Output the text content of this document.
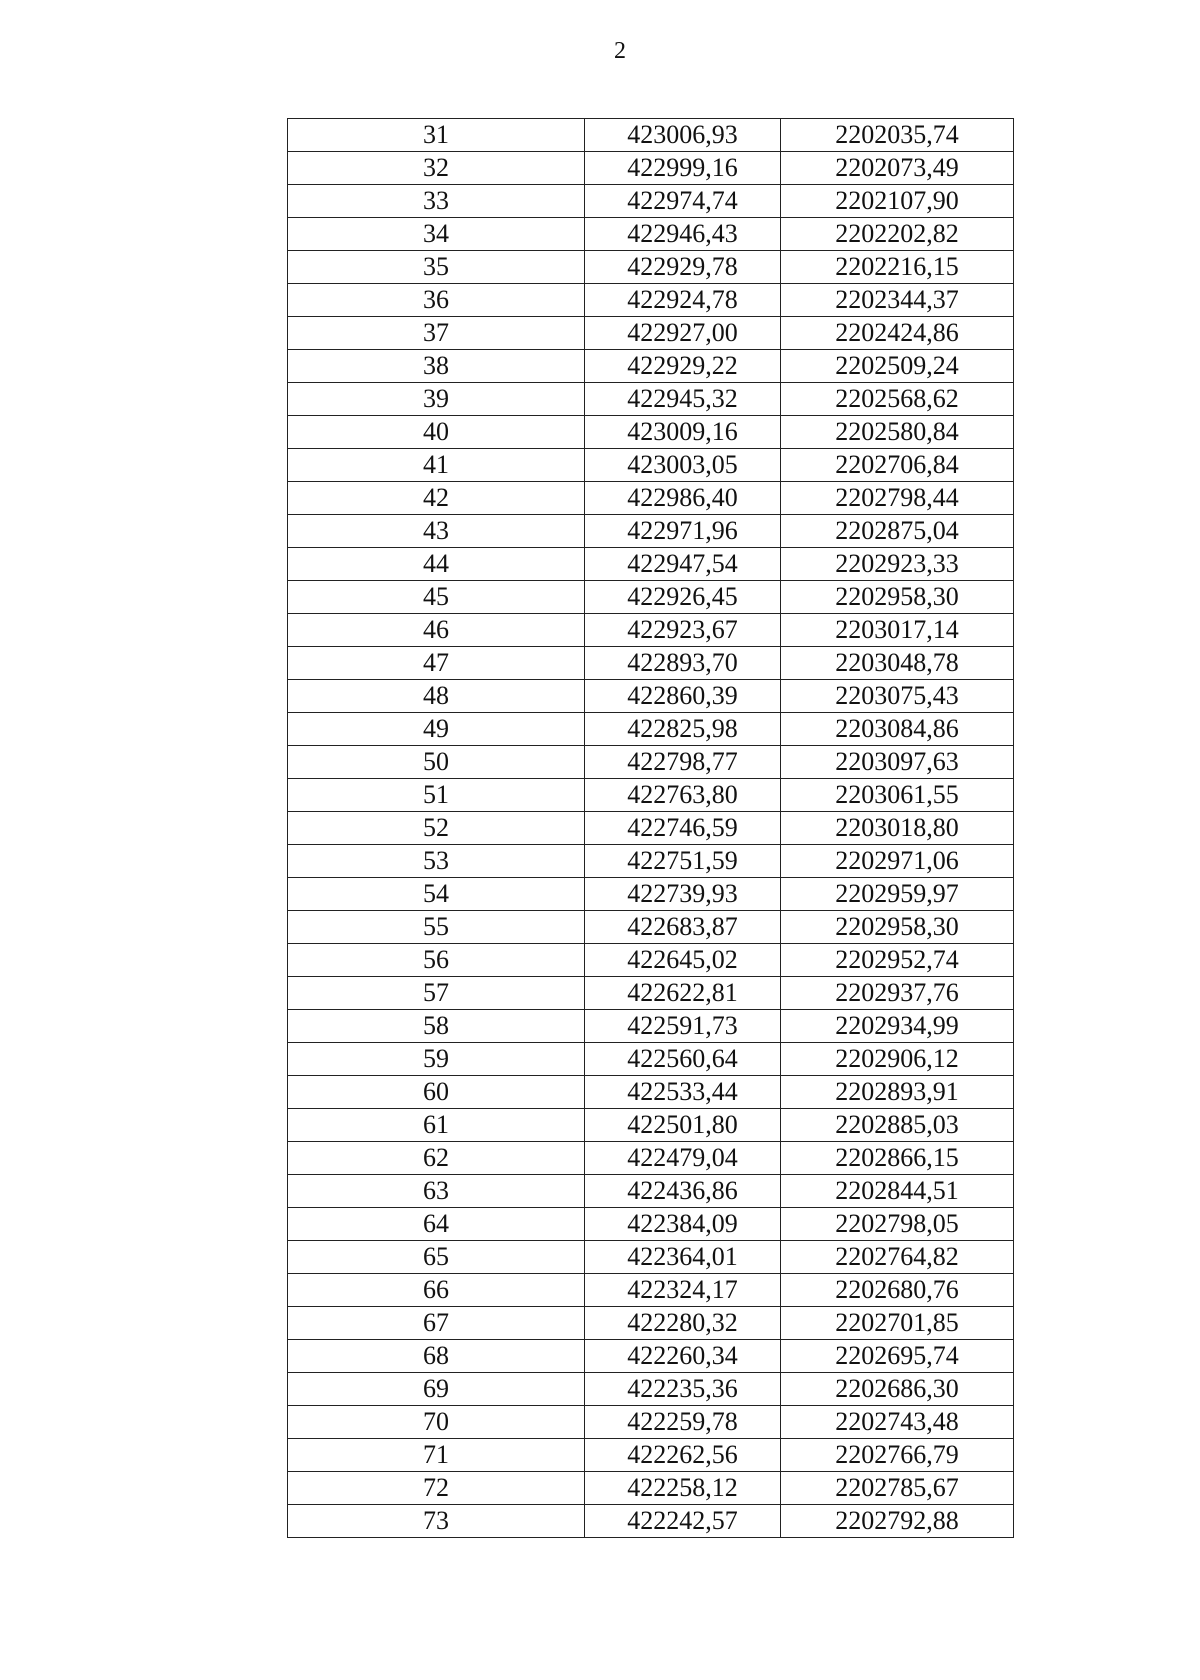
2
31	423006,93	2202035,74
32	422999,16	2202073,49
33	422974,74	2202107,90
34	422946,43	2202202,82
35	422929,78	2202216,15
36	422924,78	2202344,37
37	422927,00	2202424,86
38	422929,22	2202509,24
39	422945,32	2202568,62
40	423009,16	2202580,84
41	423003,05	2202706,84
42	422986,40	2202798,44
43	422971,96	2202875,04
44	422947,54	2202923,33
45	422926,45	2202958,30
46	422923,67	2203017,14
47	422893,70	2203048,78
48	422860,39	2203075,43
49	422825,98	2203084,86
50	422798,77	2203097,63
51	422763,80	2203061,55
52	422746,59	2203018,80
53	422751,59	2202971,06
54	422739,93	2202959,97
55	422683,87	2202958,30
56	422645,02	2202952,74
57	422622,81	2202937,76
58	422591,73	2202934,99
59	422560,64	2202906,12
60	422533,44	2202893,91
61	422501,80	2202885,03
62	422479,04	2202866,15
63	422436,86	2202844,51
64	422384,09	2202798,05
65	422364,01	2202764,82
66	422324,17	2202680,76
67	422280,32	2202701,85
68	422260,34	2202695,74
69	422235,36	2202686,30
70	422259,78	2202743,48
71	422262,56	2202766,79
72	422258,12	2202785,67
73	422242,57	2202792,88
